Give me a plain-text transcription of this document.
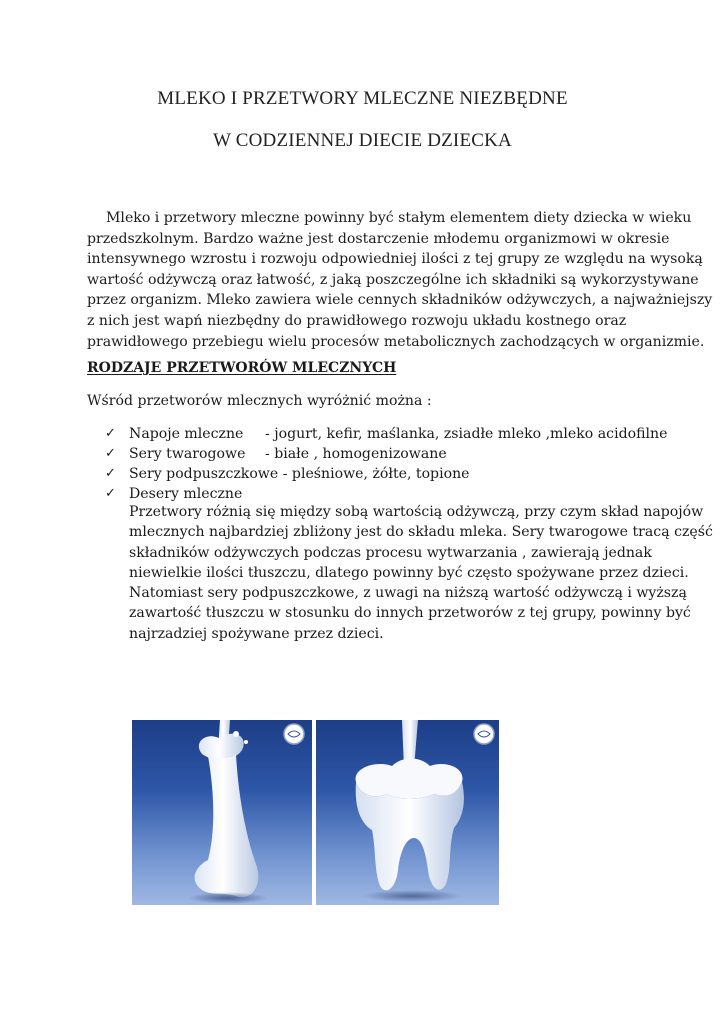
MLEKO I PRZETWORY MLECZNE NIEZBĘDNE
W CODZIENNEJ DIECIE DZIECKA
Mleko i przetwory mleczne powinny być stałym elementem diety dziecka w wieku
przedszkolnym. Bardzo ważne jest dostarczenie młodemu organizmowi w okresie
intensywnego wzrostu i rozwoju odpowiedniej ilości z tej grupy ze względu na wysoką
wartość odżywczą oraz łatwość, z jaką poszczególne ich składniki są wykorzystywane
przez organizm. Mleko zawiera wiele cennych składników odżywczych, a najważniejszy
z nich jest wapń niezbędny do prawidłowego rozwoju układu kostnego oraz
prawidłowego przebiegu wielu procesów metabolicznych zachodzących w organizmie.
RODZAJE PRZETWORÓW MLECZNYCH
Wśród przetworów mlecznych wyróżnić można :
✓ Napoje mleczne - jogurt, kefir, maślanka, zsiadłe mleko ,mleko acidofilne
✓ Sery twarogowe - białe , homogenizowane
✓ Sery podpuszczkowe - pleśniowe, żółte, topione
✓ Desery mleczne
Przetwory różnią się między sobą wartością odżywczą, przy czym skład napojów
mlecznych najbardziej zbliżony jest do składu mleka. Sery twarogowe tracą część
składników odżywczych podczas procesu wytwarzania , zawierają jednak
niewielkie ilości tłuszczu, dlatego powinny być często spożywane przez dzieci.
Natomiast sery podpuszczkowe, z uwagi na niższą wartość odżywczą i wyższą
zawartość tłuszczu w stosunku do innych przetworów z tej grupy, powinny być
najrzadziej spożywane przez dzieci.
